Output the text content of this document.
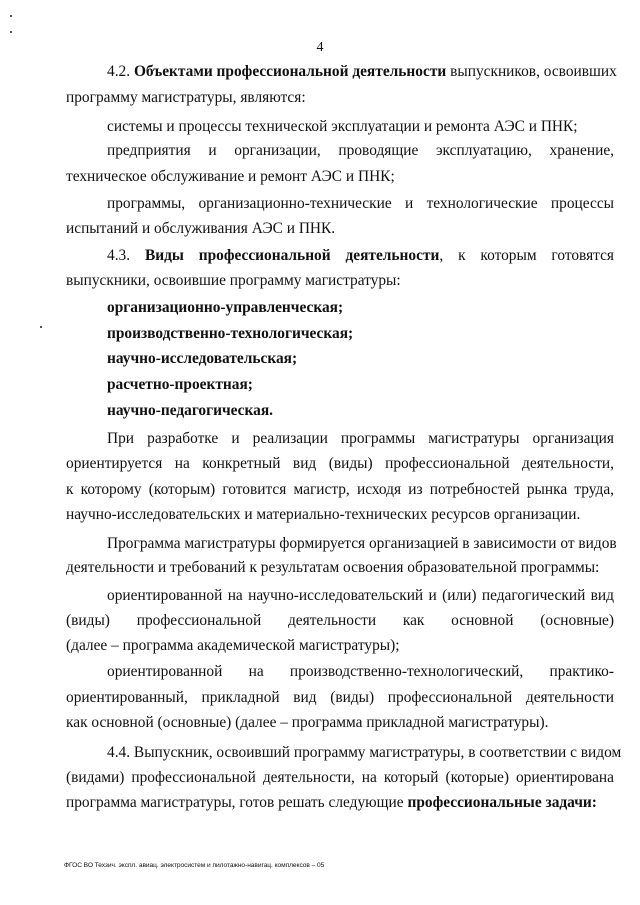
4
4.2. Объектами профессиональной деятельности выпускников, освоивших
программу магистратуры, являются:
системы и процессы технической эксплуатации и ремонта АЭС и ПНК;
предприятия и организации, проводящие эксплуатацию, хранение,
техническое обслуживание и ремонт АЭС и ПНК;
программы, организационно-технические и технологические процессы
испытаний и обслуживания АЭС и ПНК.
4.3. Виды профессиональной деятельности, к которым готовятся
выпускники, освоившие программу магистратуры:
организационно-управленческая;
производственно-технологическая;
научно-исследовательская;
расчетно-проектная;
научно-педагогическая.
При разработке и реализации программы магистратуры организация
ориентируется на конкретный вид (виды) профессиональной деятельности,
к которому (которым) готовится магистр, исходя из потребностей рынка труда,
научно-исследовательских и материально-технических ресурсов организации.
Программа магистратуры формируется организацией в зависимости от видов
деятельности и требований к результатам освоения образовательной программы:
ориентированной на научно-исследовательский и (или) педагогический вид
(виды) профессиональной деятельности как основной (основные)
(далее – программа академической магистратуры);
ориентированной на производственно-технологический, практико-
ориентированный, прикладной вид (виды) профессиональной деятельности
как основной (основные) (далее – программа прикладной магистратуры).
4.4. Выпускник, освоивший программу магистратуры, в соответствии с видом
(видами) профессиональной деятельности, на который (которые) ориентирована
программа магистратуры, готов решать следующие профессиональные задачи:
ФГОС ВО Техзич. экспл. авиац. электросистем и пилотажно-навигац. комплексов – 05
